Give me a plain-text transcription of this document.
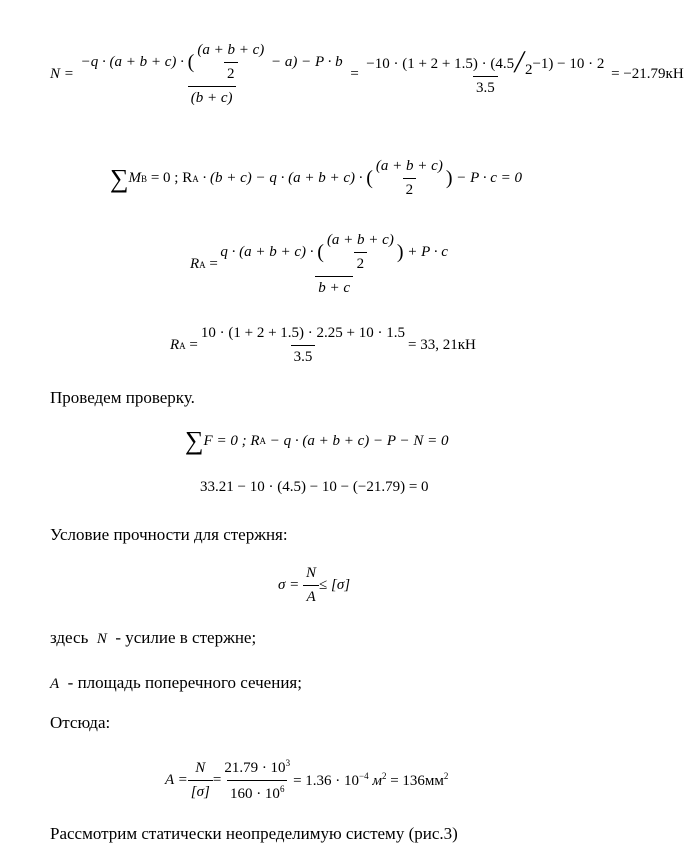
N =

−q · (a + b + c) ·
( $\frac{(a + b + c)}{2}$
− a) − P · b
(b + c)

=
$\frac{-10 \cdot (1 + 2 + 1.5) \cdot (4.5╱2-1) - 10 \cdot 2}{3.5}$
= −21.79кН
∑ M B
= 0 ; R A
· (b + c) − q · (a + b + c) ·
( $\frac{(a + b + c)}{2}$ )
− P · c = 0
R A
=

q · (a + b + c) ·
( $\frac{(a + b + c)}{2}$ )
+ P · c
b + c
R A
= $\frac{10 \cdot (1 + 2 + 1.5) \cdot 2.25 + 10 \cdot 1.5}{3.5} = 33$, 21кН
Проведем проверку.
∑ F = 0 ; R A
− q · (a + b + c) − P − N = 0
33.21 − 10 · (4.5) − 10 − (−21.79) = 0
Условие прочности для стержня:
σ =
$\frac{N}{A} \le [\sigma]$
здесь N - усилие в стержне;
A - площадь поперечного сечения;
Отсюда:
$A = \frac{N}{[\sigma]} = \frac{21.79 \cdot 10^3}{160 \cdot 10^6} = 1.36 \cdot 10^{-4}$ $м^2 = 136мм^2$
Рассмотрим статически неопределимую систему (рис.3)
